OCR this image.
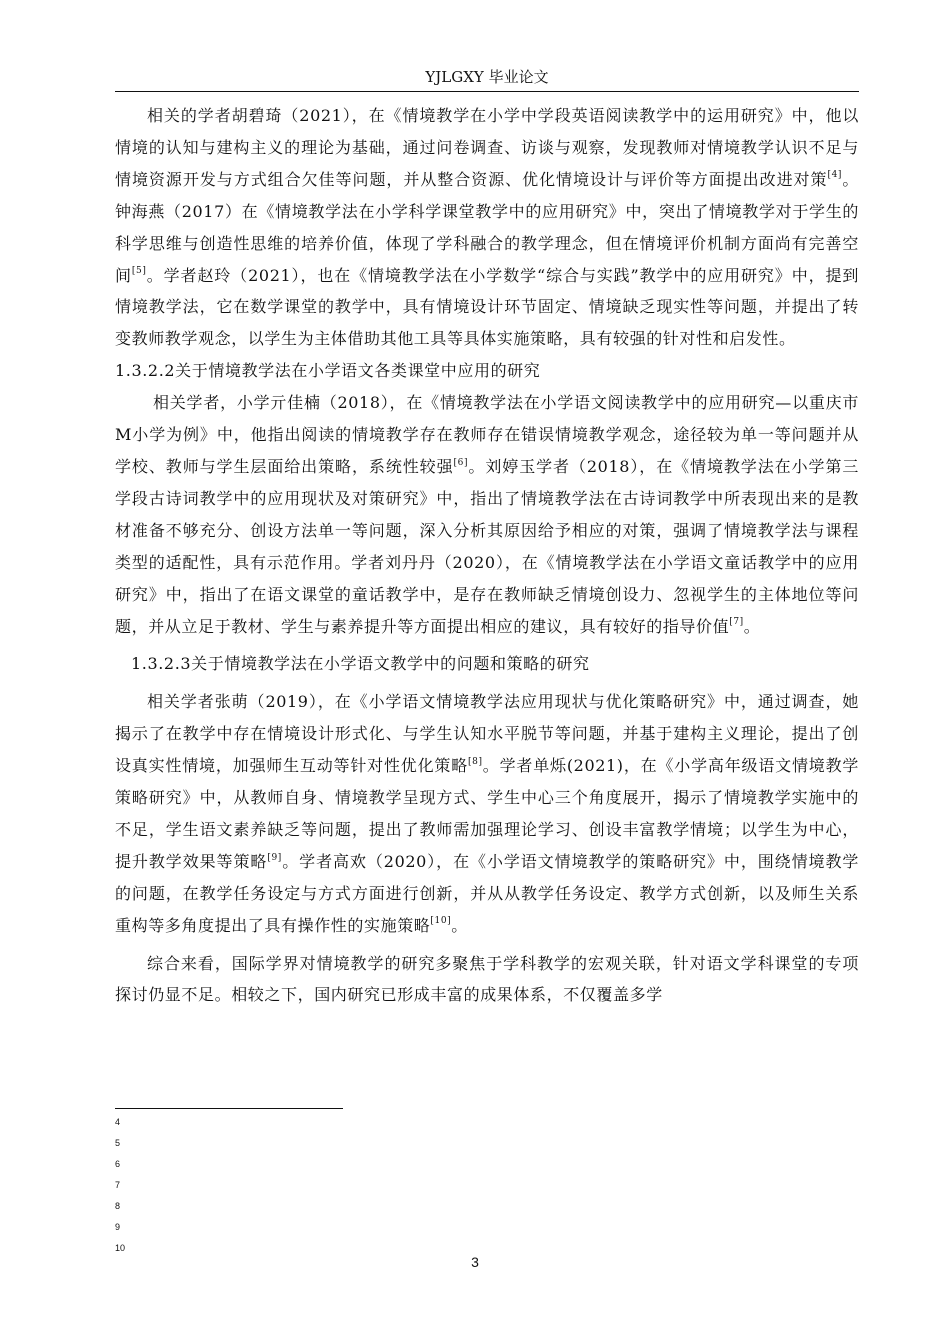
YJLGXY 毕业论文

相关的学者胡碧琦（2021），在《情境教学在小学中学段英语阅读教学中的运用研究》中，他以情境的认知与建构主义的理论为基础，通过问卷调查、访谈与观察，发现教师对情境教学认识不足与情境资源开发与方式组合欠佳等问题，并从整合资源、优化情境设计与评价等方面提出改进对策[4]。钟海燕（2017）在《情境教学法在小学科学课堂教学中的应用研究》中，突出了情境教学对于学生的科学思维与创造性思维的培养价值，体现了学科融合的教学理念，但在情境评价机制方面尚有完善空间[5]。学者赵玲（2021），也在《情境教学法在小学数学“综合与实践”教学中的应用研究》中，提到情境教学法，它在数学课堂的教学中，具有情境设计环节固定、情境缺乏现实性等问题，并提出了转变教师教学观念，以学生为主体借助其他工具等具体实施策略，具有较强的针对性和启发性。

1.3.2.2关于情境教学法在小学语文各类课堂中应用的研究

相关学者，小学亓佳楠（2018），在《情境教学法在小学语文阅读教学中的应用研究—以重庆市M小学为例》中，他指出阅读的情境教学存在教师存在错误情境教学观念，途径较为单一等问题并从学校、教师与学生层面给出策略，系统性较强[6]。刘婷玉学者（2018），在《情境教学法在小学第三学段古诗词教学中的应用现状及对策研究》中，指出了情境教学法在古诗词教学中所表现出来的是教材准备不够充分、创设方法单一等问题，深入分析其原因给予相应的对策，强调了情境教学法与课程类型的适配性，具有示范作用。学者刘丹丹（2020），在《情境教学法在小学语文童话教学中的应用研究》中，指出了在语文课堂的童话教学中，是存在教师缺乏情境创设力、忽视学生的主体地位等问题，并从立足于教材、学生与素养提升等方面提出相应的建议，具有较好的指导价值[7]。

1.3.2.3关于情境教学法在小学语文教学中的问题和策略的研究

相关学者张萌（2019），在《小学语文情境教学法应用现状与优化策略研究》中，通过调查，她揭示了在教学中存在情境设计形式化、与学生认知水平脱节等问题，并基于建构主义理论，提出了创设真实性情境，加强师生互动等针对性优化策略[8]。学者单烁(2021)，在《小学高年级语文情境教学策略研究》中，从教师自身、情境教学呈现方式、学生中心三个角度展开，揭示了情境教学实施中的不足，学生语文素养缺乏等问题，提出了教师需加强理论学习、创设丰富教学情境；以学生为中心，提升教学效果等策略[9]。学者高欢（2020），在《小学语文情境教学的策略研究》中，围绕情境教学的问题，在教学任务设定与方式方面进行创新，并从从教学任务设定、教学方式创新，以及师生关系重构等多角度提出了具有操作性的实施策略[10]。

综合来看，国际学界对情境教学的研究多聚焦于学科教学的宏观关联，针对语文学科课堂的专项探讨仍显不足。相较之下，国内研究已形成丰富的成果体系，不仅覆盖多学

4
5
6
7
8
9
10
3
